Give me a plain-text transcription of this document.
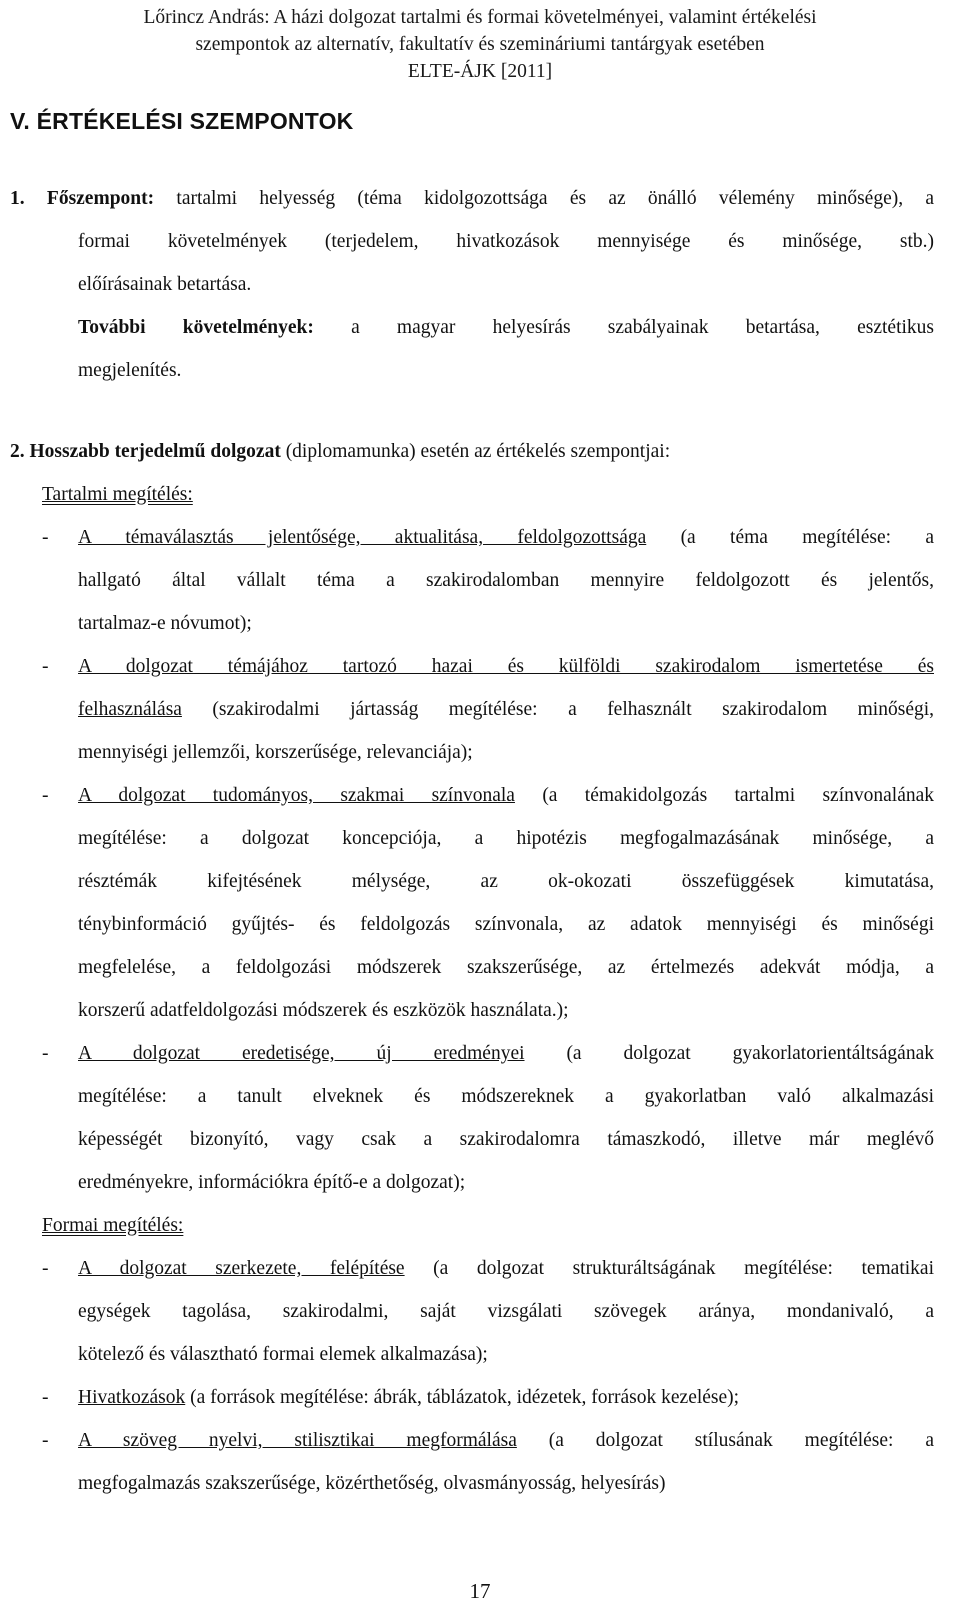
Lőrincz András: A házi dolgozat tartalmi és formai követelményei, valamint értékelési
szempontok az alternatív, fakultatív és szemináriumi tantárgyak esetében
ELTE-ÁJK [2011]
V. ÉRTÉKELÉSI SZEMPONTOK
1. Főszempont: tartalmi helyesség (téma kidolgozottsága és az önálló vélemény minősége), a
formai követelmények (terjedelem, hivatkozások mennyisége és minősége, stb.)
előírásainak betartása.
További követelmények: a magyar helyesírás szabályainak betartása, esztétikus
megjelenítés.
2. Hosszabb terjedelmű dolgozat (diplomamunka) esetén az értékelés szempontjai:
Tartalmi megítélés:
- A témaválasztás jelentősége, aktualitása, feldolgozottsága (a téma megítélése: a
hallgató által vállalt téma a szakirodalomban mennyire feldolgozott és jelentős,
tartalmaz-e nóvumot);
- A dolgozat témájához tartozó hazai és külföldi szakirodalom ismertetése és
felhasználása (szakirodalmi jártasság megítélése: a felhasznált szakirodalom minőségi,
mennyiségi jellemzői, korszerűsége, relevanciája);
- A dolgozat tudományos, szakmai színvonala (a témakidolgozás tartalmi színvonalának
megítélése: a dolgozat koncepciója, a hipotézis megfogalmazásának minősége, a
résztémák kifejtésének mélysége, az ok-okozati összefüggések kimutatása,
ténybinformáció gyűjtés- és feldolgozás színvonala, az adatok mennyiségi és minőségi
megfelelése, a feldolgozási módszerek szakszerűsége, az értelmezés adekvát módja, a
korszerű adatfeldolgozási módszerek és eszközök használata.);
- A dolgozat eredetisége, új eredményei (a dolgozat gyakorlatorientáltságának
megítélése: a tanult elveknek és módszereknek a gyakorlatban való alkalmazási
képességét bizonyító, vagy csak a szakirodalomra támaszkodó, illetve már meglévő
eredményekre, információkra építő-e a dolgozat);
Formai megítélés:
- A dolgozat szerkezete, felépítése (a dolgozat strukturáltságának megítélése: tematikai
egységek tagolása, szakirodalmi, saját vizsgálati szövegek aránya, mondanivaló, a
kötelező és választható formai elemek alkalmazása);
- Hivatkozások (a források megítélése: ábrák, táblázatok, idézetek, források kezelése);
- A szöveg nyelvi, stilisztikai megformálása (a dolgozat stílusának megítélése: a
megfogalmazás szakszerűsége, közérthetőség, olvasmányosság, helyesírás)
17
